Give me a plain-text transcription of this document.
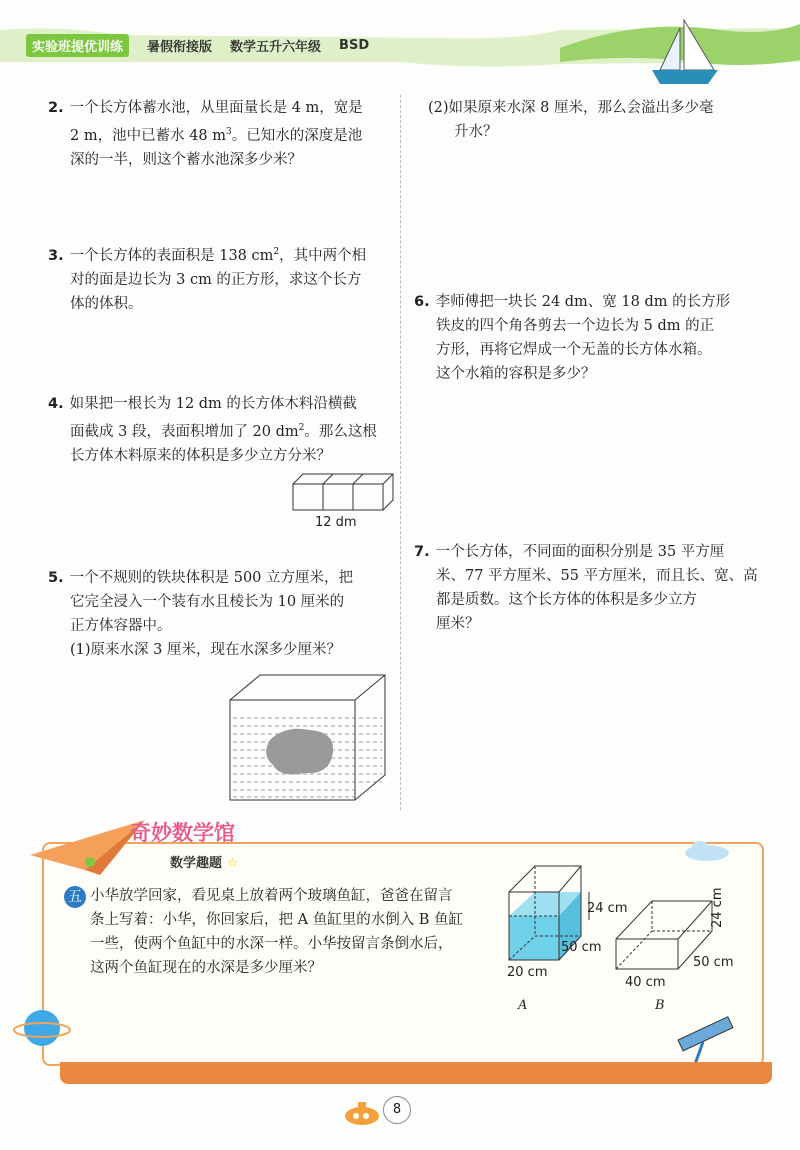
实验班提优训练	暑假衔接版 数学五升六年级 BSD
2. 一个长方体蓄水池，从里面量长是 4 m，宽是
2 m，池中已蓄水 48 $m^3$。已知水的深度是池
深的一半，则这个蓄水池深多少米？
3. 一个长方体的表面积是 138 $cm^2$，其中两个相
对的面是边长为 3 cm 的正方形，求这个长方
体的体积。
4. 如果把一根长为 12 dm 的长方体木料沿横截
面截成 3 段，表面积增加了 20 $dm^2$。那么这根
长方体木料原来的体积是多少立方分米？
12 dm
5. 一个不规则的铁块体积是 500 立方厘米，把
它完全浸入一个装有水且棱长为 10 厘米的
正方体容器中。
(1)原来水深 3 厘米，现在水深多少厘米？
(2)如果原来水深 8 厘米，那么会溢出多少毫
升水？
6. 李师傅把一块长 24 dm、宽 18 dm 的长方形
铁皮的四个角各剪去一个边长为 5 dm 的正
方形，再将它焊成一个无盖的长方体水箱。
这个水箱的容积是多少？
7. 一个长方体，不同面的面积分别是 35 平方厘
米、77 平方厘米、55 平方厘米，而且长、宽、高
都是质数。这个长方体的体积是多少立方
厘米？
奇妙数学馆
数学趣题 ☆
五 小华放学回家，看见桌上放着两个玻璃鱼缸，爸爸在留言
条上写着：小华，你回家后，把 A 鱼缸里的水倒入 B 鱼缸
一些，使两个鱼缸中的水深一样。小华按留言条倒水后，
这两个鱼缸现在的水深是多少厘米？
24 cm
50 cm
20 cm
A
24 cm
50 cm
40 cm
B
8
